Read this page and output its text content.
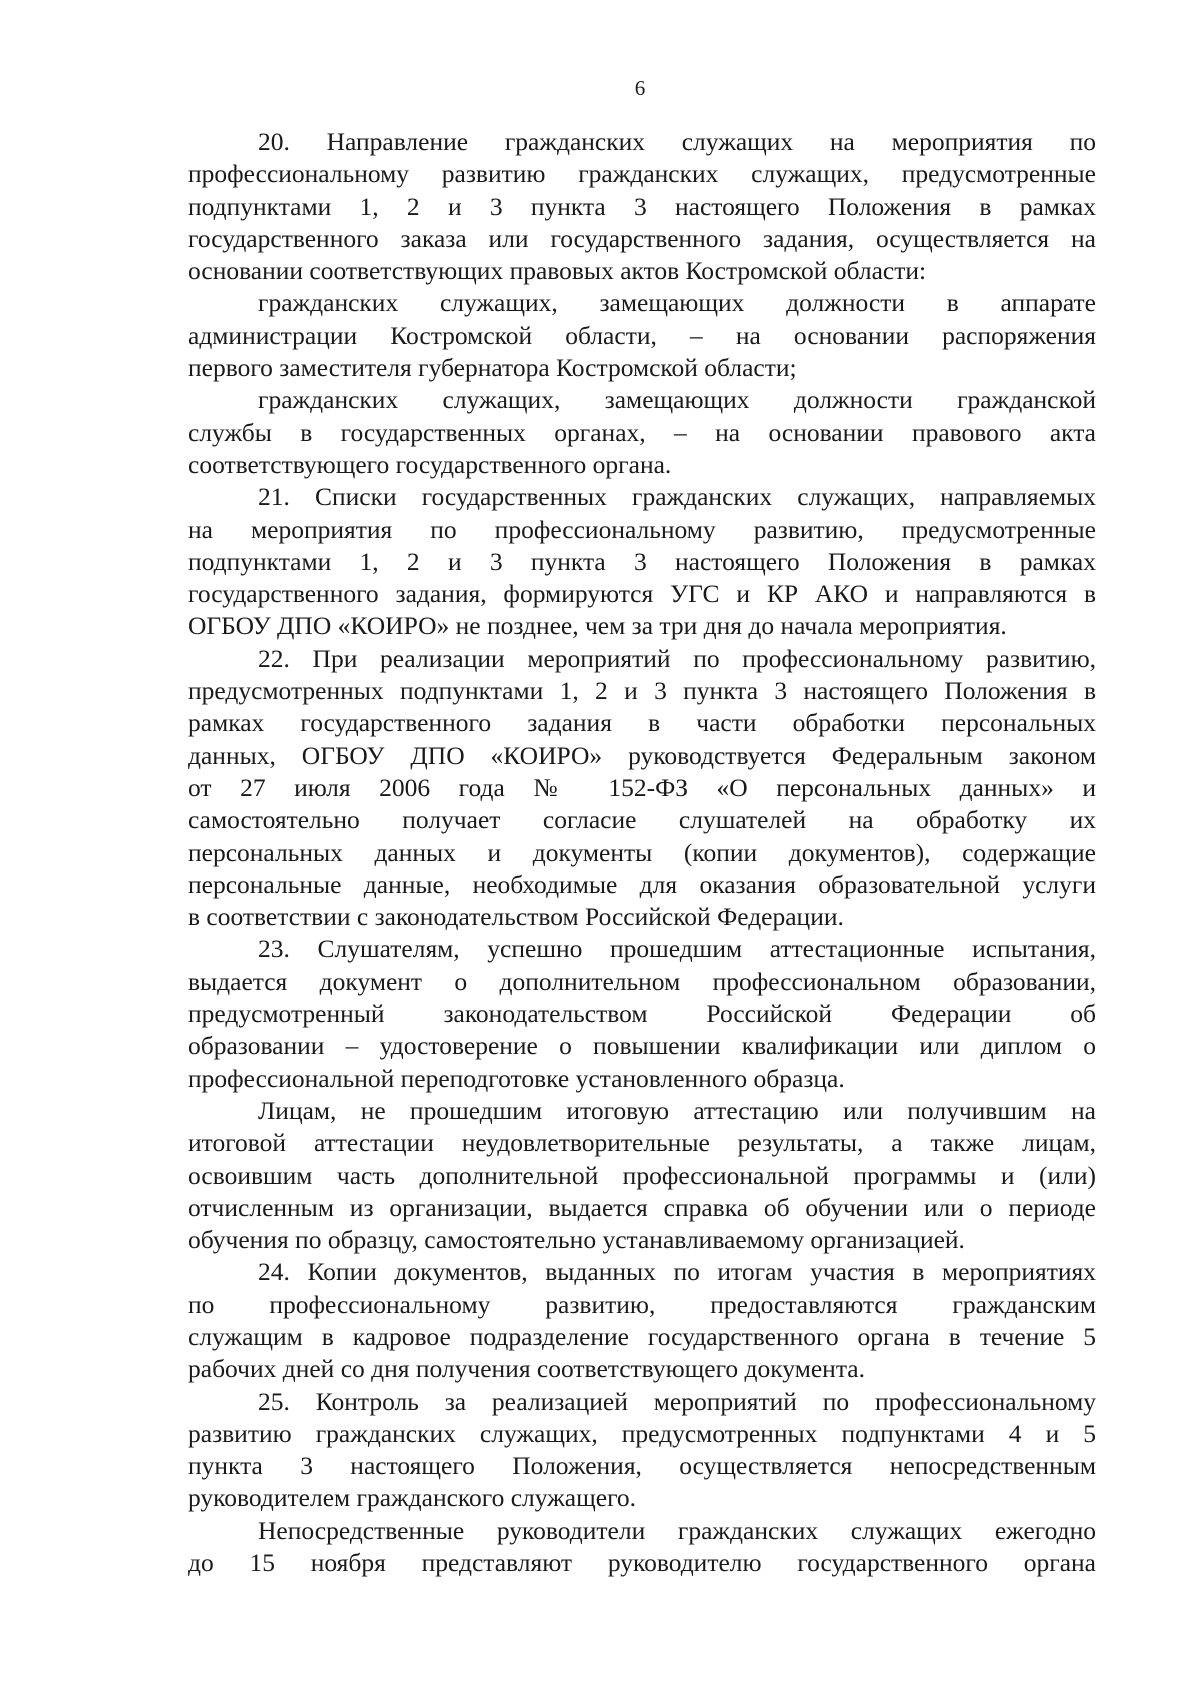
6
20. Направление гражданских служащих на мероприятия по
профессиональному развитию гражданских служащих, предусмотренные
подпунктами 1, 2 и 3 пункта 3 настоящего Положения в рамках
государственного заказа или государственного задания, осуществляется на
основании соответствующих правовых актов Костромской области:
гражданских служащих, замещающих должности в аппарате
администрации Костромской области, – на основании распоряжения
первого заместителя губернатора Костромской области;
гражданских служащих, замещающих должности гражданской
службы в государственных органах, – на основании правового акта
соответствующего государственного органа.
21. Списки государственных гражданских служащих, направляемых
на мероприятия по профессиональному развитию, предусмотренные
подпунктами 1, 2 и 3 пункта 3 настоящего Положения в рамках
государственного задания, формируются УГС и КР АКО и направляются в
ОГБОУ ДПО «КОИРО» не позднее, чем за три дня до начала мероприятия.
22. При реализации мероприятий по профессиональному развитию,
предусмотренных подпунктами 1, 2 и 3 пункта 3 настоящего Положения в
рамках государственного задания в части обработки персональных
данных, ОГБОУ ДПО «КОИРО» руководствуется Федеральным законом
от 27 июля 2006 года № 152-ФЗ «О персональных данных» и
самостоятельно получает согласие слушателей на обработку их
персональных данных и документы (копии документов), содержащие
персональные данные, необходимые для оказания образовательной услуги
в соответствии с законодательством Российской Федерации.
23. Слушателям, успешно прошедшим аттестационные испытания,
выдается документ о дополнительном профессиональном образовании,
предусмотренный законодательством Российской Федерации об
образовании – удостоверение о повышении квалификации или диплом о
профессиональной переподготовке установленного образца.
Лицам, не прошедшим итоговую аттестацию или получившим на
итоговой аттестации неудовлетворительные результаты, а также лицам,
освоившим часть дополнительной профессиональной программы и (или)
отчисленным из организации, выдается справка об обучении или о периоде
обучения по образцу, самостоятельно устанавливаемому организацией.
24. Копии документов, выданных по итогам участия в мероприятиях
по профессиональному развитию, предоставляются гражданским
служащим в кадровое подразделение государственного органа в течение 5
рабочих дней со дня получения соответствующего документа.
25. Контроль за реализацией мероприятий по профессиональному
развитию гражданских служащих, предусмотренных подпунктами 4 и 5
пункта 3 настоящего Положения, осуществляется непосредственным
руководителем гражданского служащего.
Непосредственные руководители гражданских служащих ежегодно
до 15 ноября представляют руководителю государственного органа
